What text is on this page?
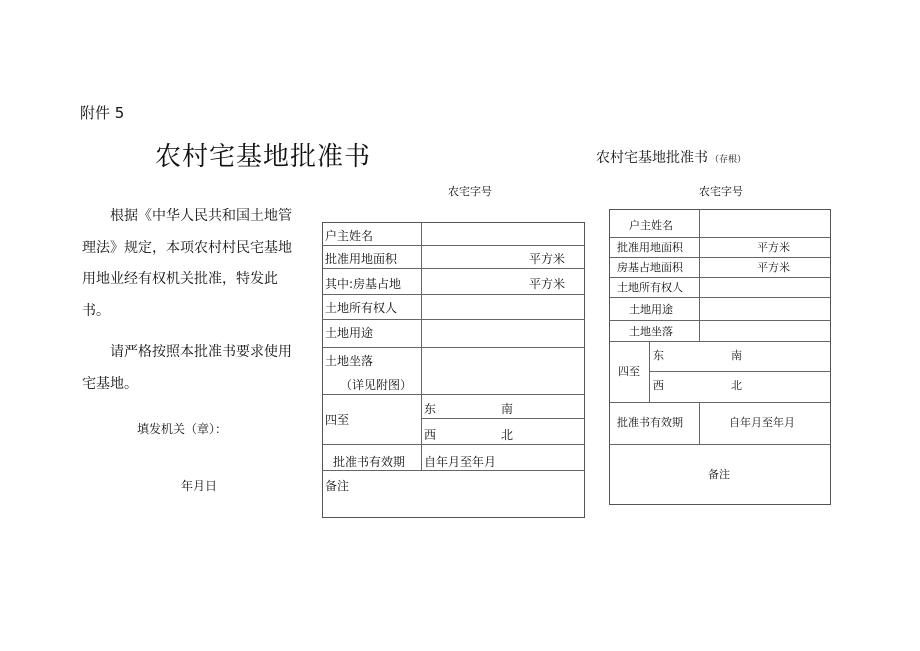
附件 5
农村宅基地批准书	农村宅基地批准书 （存根）
农宅字号	农宅字号
根据《中华人民共和国土地管理法》规定，本项农村村民宅基地用地业经有权机关批准，特发此书。
请严格按照本批准书要求使用宅基地。
填发机关（章）：
年月日
户主姓名
批准用地面积	平方米
其中:房基占地	平方米
土地所有权人
土地用途
土地坐落
（详见附图）
四至
东	南
西	北
批准书有效期 自年月至年月
备注
户主姓名
批准用地面积	平方米
房基占地面积	平方米
土地所有权人
土地用途
土地坐落
四至
东	南
西	北
批准书有效期	自年月至年月
备注
